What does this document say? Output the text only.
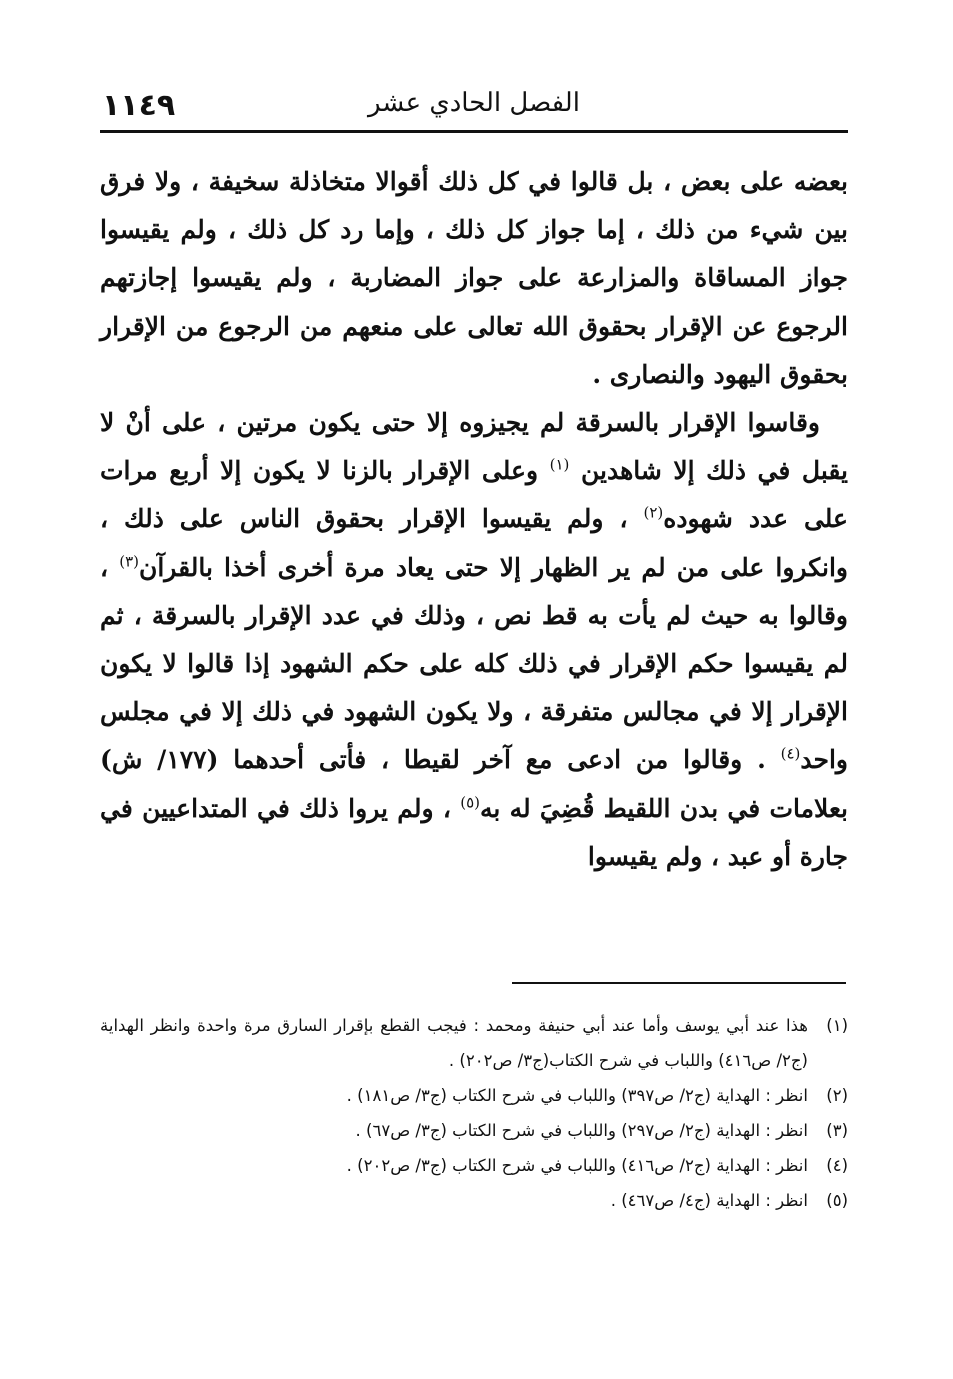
١١٤٩	الفصل الحادي عشر

بعضه على بعض ، بل قالوا في كل ذلك أقوالا متخاذلة سخيفة ، ولا فرق بين شيء من ذلك ، إما جواز كل ذلك ، وإما رد كل ذلك ، ولم يقيسوا جواز المساقاة والمزارعة على جواز المضاربة ، ولم يقيسوا إجازتهم الرجوع عن الإقرار بحقوق الله تعالى على منعهم من الرجوع من الإقرار بحقوق اليهود والنصارى .

وقاسوا الإقرار بالسرقة لم يجيزوه إلا حتى يكون مرتين ، على أنْ لا يقبل في ذلك إلا شاهدين $^{(١)}$ وعلى الإقرار بالزنا لا يكون إلا أربع مرات على عدد شهوده$^{(٢)}$ ، ولم يقيسوا الإقرار بحقوق الناس على ذلك ، وانكروا على من لم ير الظهار إلا حتى يعاد مرة أخرى أخذا بالقرآن$^{(٣)}$ ، وقالوا به حيث لم يأت به قط نص ، وذلك في عدد الإقرار بالسرقة ، ثم لم يقيسوا حكم الإقرار في ذلك كله على حكم الشهود إذا قالوا لا يكون الإقرار إلا في مجالس متفرقة ، ولا يكون الشهود في ذلك إلا في مجلس واحد$^{(٤)}$ . وقالوا من ادعى مع آخر لقيطا ، فأتى أحدهما (١٧٧/ ش) بعلامات في بدن اللقيط قُضِيَ له به$^{(٥)}$ ، ولم يروا ذلك في المتداعيين في جارة أو عبد ، ولم يقيسوا

(١)
هذا عند أبي يوسف وأما عند أبي حنيفة ومحمد : فيجب القطع بإقرار السارق مرة واحدة وانظر الهداية (ج٢/ ص٤١٦) واللباب في شرح الكتاب(ج٣/ ص٢٠٢) .
(٢)
انظر : الهداية (ج٢/ ص٣٩٧) واللباب في شرح الكتاب (ج٣/ ص١٨١) .
(٣)
انظر : الهداية (ج٢/ ص٢٩٧) واللباب في شرح الكتاب (ج٣/ ص٦٧) .
(٤)
انظر : الهداية (ج٢/ ص٤١٦) واللباب في شرح الكتاب (ج٣/ ص٢٠٢) .
(٥)
انظر : الهداية (ج٤/ ص٤٦٧) .
